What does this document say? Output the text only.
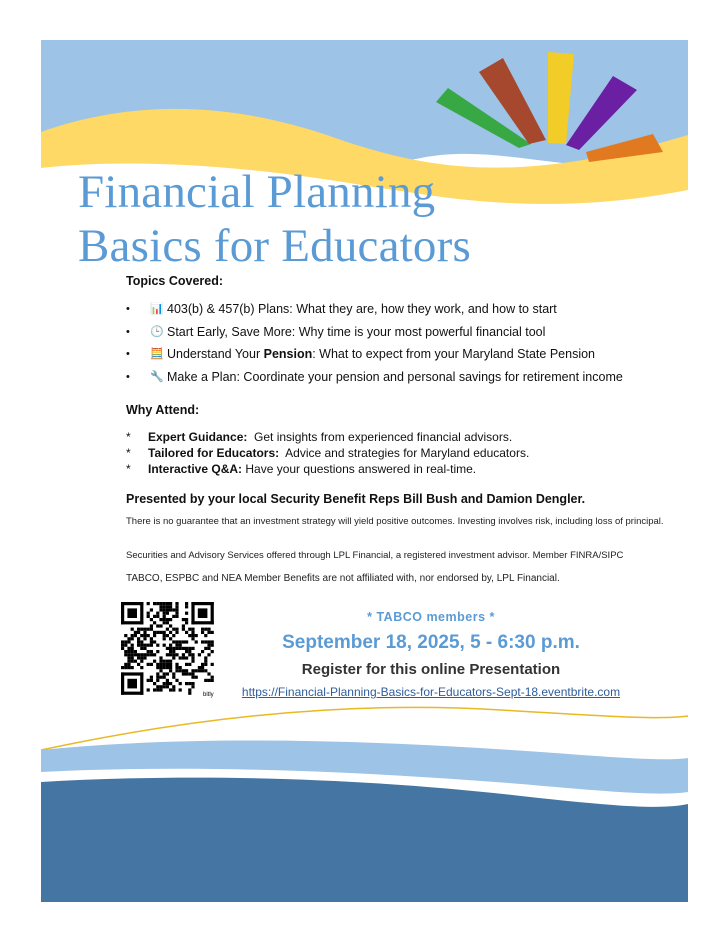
Financial Planning
Basics for Educators
Topics Covered:
• 📊 403(b) & 457(b) Plans: What they are, how they work, and how to start
• 🕒 Start Early, Save More: Why time is your most powerful financial tool
• 🧮 Understand Your Pension: What to expect from your Maryland State Pension
• 🔧 Make a Plan: Coordinate your pension and personal savings for retirement income
Why Attend:
* Expert Guidance:  Get insights from experienced financial advisors.
* Tailored for Educators:  Advice and strategies for Maryland educators.
* Interactive Q&A: Have your questions answered in real-time.
Presented by your local Security Benefit Reps Bill Bush and Damion Dengler.
There is no guarantee that an investment strategy will yield positive outcomes. Investing involves risk, including loss of principal.
Securities and Advisory Services offered through LPL Financial, a registered investment advisor. Member FINRA/SIPC
TABCO, ESPBC and NEA Member Benefits are not affiliated with, nor endorsed by, LPL Financial.
bitly
* TABCO members *
September 18, 2025, 5 - 6:30 p.m.
Register for this online Presentation
https://Financial-Planning-Basics-for-Educators-Sept-18.eventbrite.com
